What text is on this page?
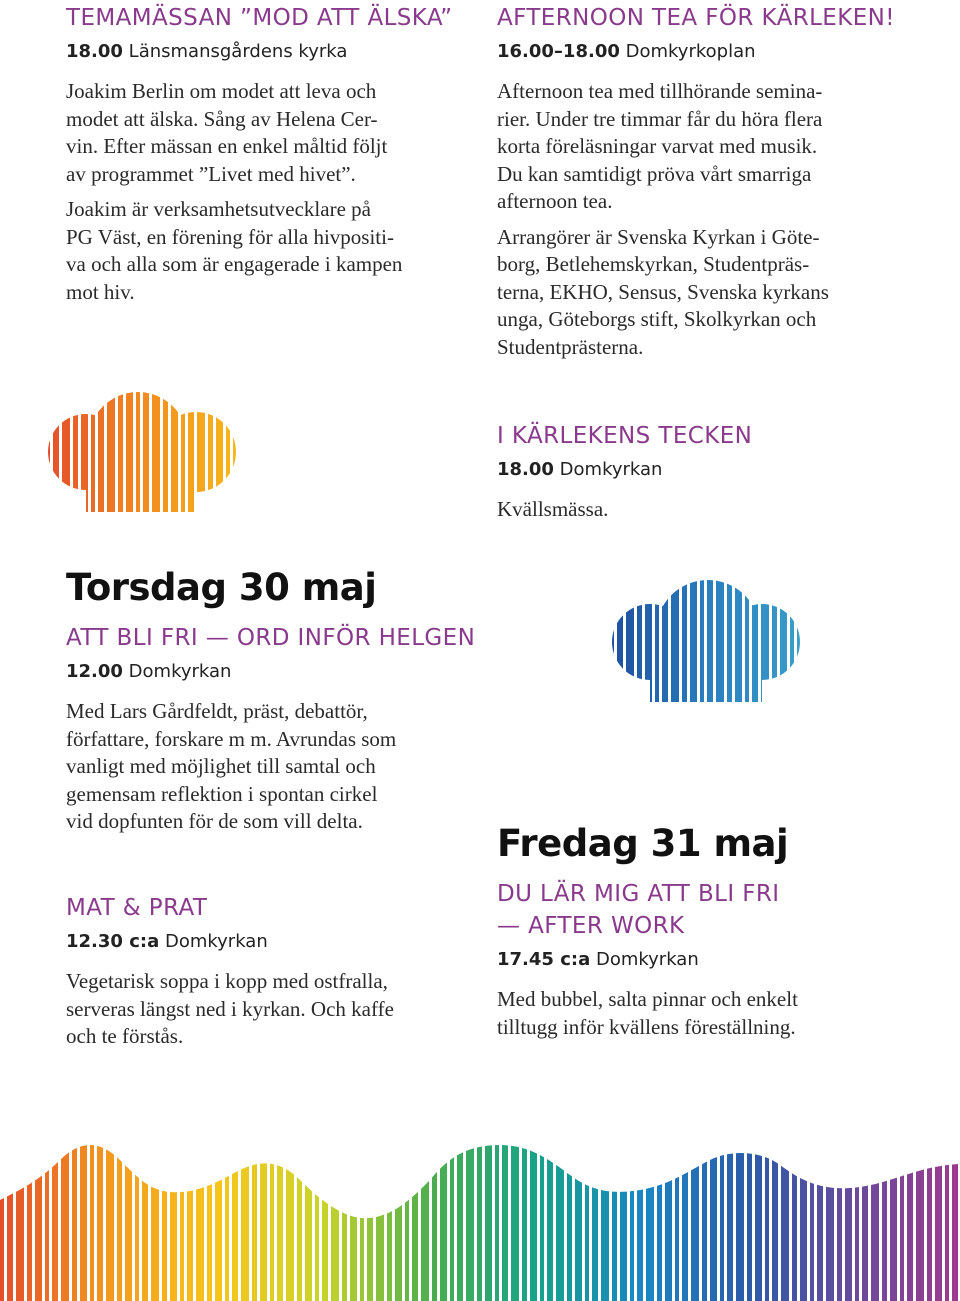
TEMAMÄSSAN ”MOD ATT ÄLSKA”
18.00 Länsmansgårdens kyrka

Joakim Berlin om modet att leva och
modet att älska. Sång av Helena Cer-
vin. Efter mässan en enkel måltid följt
av programmet ”Livet med hivet”.

Joakim är verksamhetsutvecklare på
PG Väst, en förening för alla hivpositi-
va och alla som är engagerade i kampen
mot hiv.

AFTERNOON TEA FÖR KÄRLEKEN!
16.00–18.00 Domkyrkoplan

Afternoon tea med tillhörande semina-
rier. Under tre timmar får du höra flera
korta föreläsningar varvat med musik.
Du kan samtidigt pröva vårt smarriga
afternoon tea.

Arrangörer är Svenska Kyrkan i Göte-
borg, Betlehemskyrkan, Studentpräs-
terna, EKHO, Sensus, Svenska kyrkans
unga, Göteborgs stift, Skolkyrkan och
Studentprästerna.

I KÄRLEKENS TECKEN
18.00 Domkyrkan

Kvällsmässa.

Torsdag 30 maj
ATT BLI FRI — ORD INFÖR HELGEN
12.00 Domkyrkan

Med Lars Gårdfeldt, präst, debattör,
författare, forskare m m. Avrundas som
vanligt med möjlighet till samtal och
gemensam reflektion i spontan cirkel
vid dopfunten för de som vill delta.

MAT & PRAT
12.30 c:a Domkyrkan

Vegetarisk soppa i kopp med ostfralla,
serveras längst ned i kyrkan. Och kaffe
och te förstås.

Fredag 31 maj
DU LÄR MIG ATT BLI FRI
— AFTER WORK
17.45 c:a Domkyrkan

Med bubbel, salta pinnar och enkelt
tilltugg inför kvällens föreställning.
